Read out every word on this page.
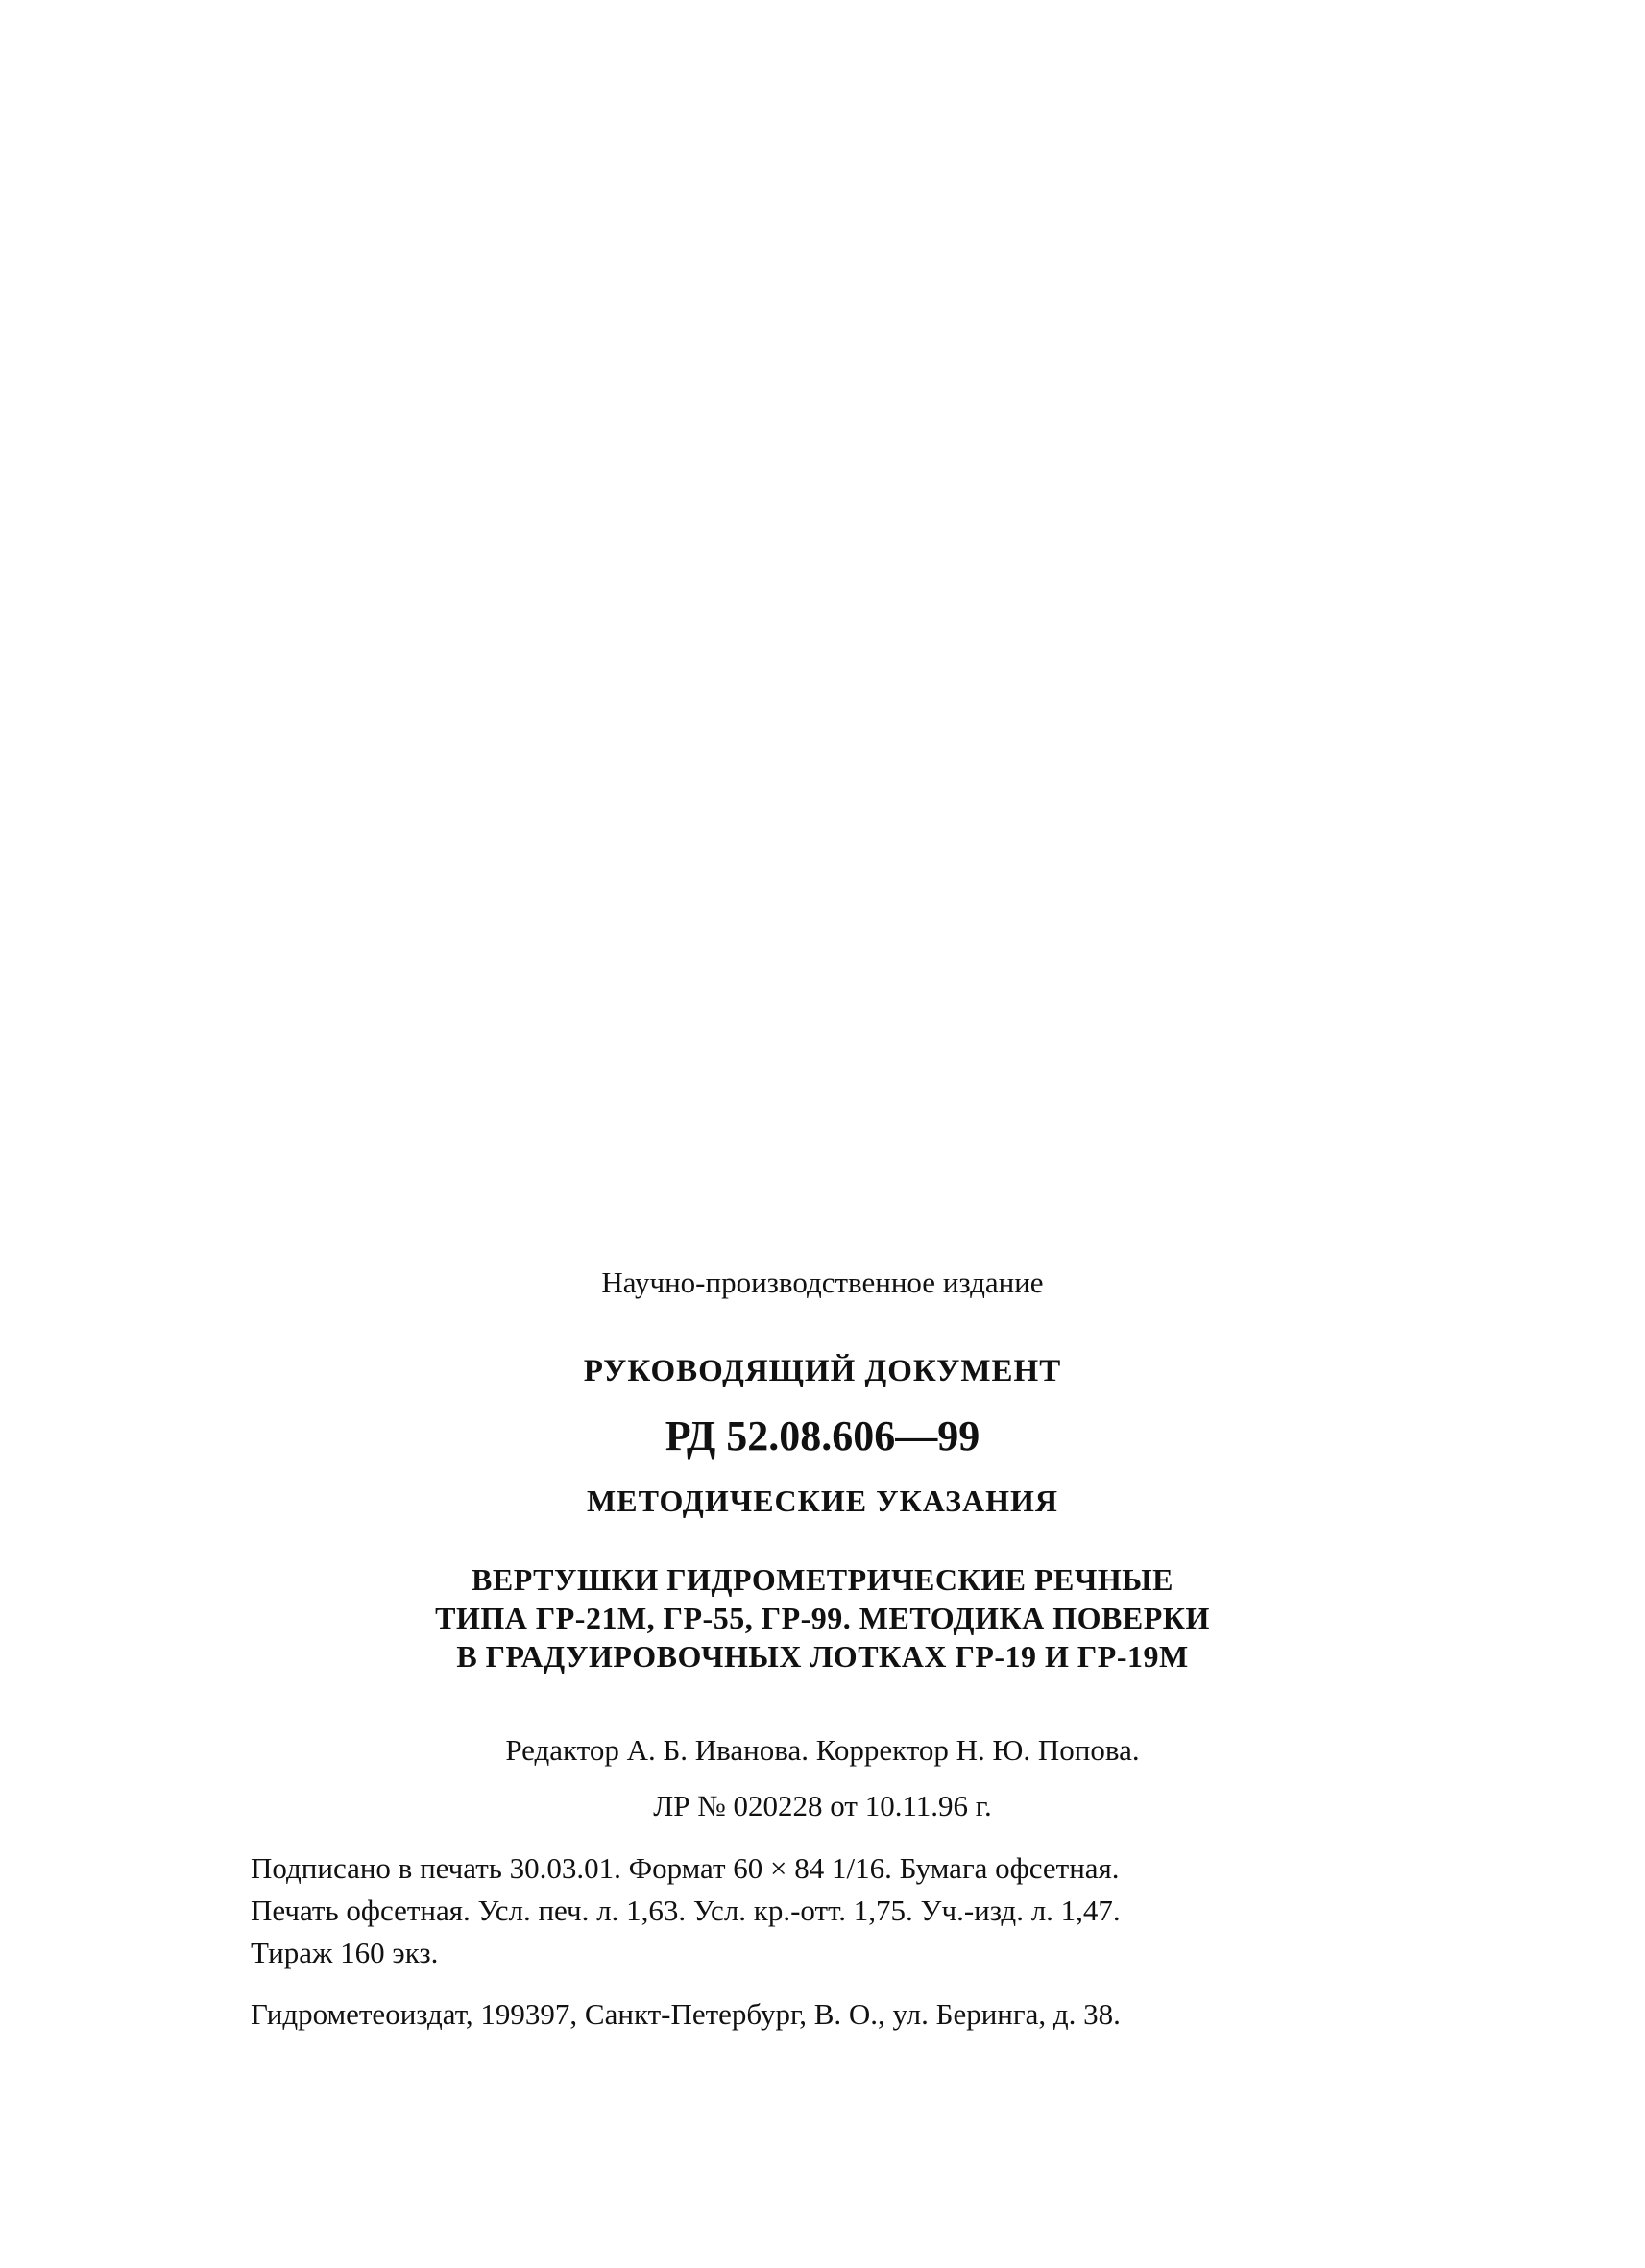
Научно-производственное издание
РУКОВОДЯЩИЙ ДОКУМЕНТ
РД 52.08.606—99
МЕТОДИЧЕСКИЕ УКАЗАНИЯ
ВЕРТУШКИ ГИДРОМЕТРИЧЕСКИЕ РЕЧНЫЕ
ТИПА ГР-21М, ГР-55, ГР-99. МЕТОДИКА ПОВЕРКИ
В ГРАДУИРОВОЧНЫХ ЛОТКАХ ГР-19 И ГР-19М
Редактор А. Б. Иванова. Корректор Н. Ю. Попова.
ЛР № 020228 от 10.11.96 г.
Подписано в печать 30.03.01. Формат 60 × 84 1/16. Бумага офсетная.
Печать офсетная. Усл. печ. л. 1,63. Усл. кр.-отт. 1,75. Уч.-изд. л. 1,47.
Тираж 160 экз.
Гидрометеоиздат, 199397, Санкт-Петербург, В. О., ул. Беринга, д. 38.
